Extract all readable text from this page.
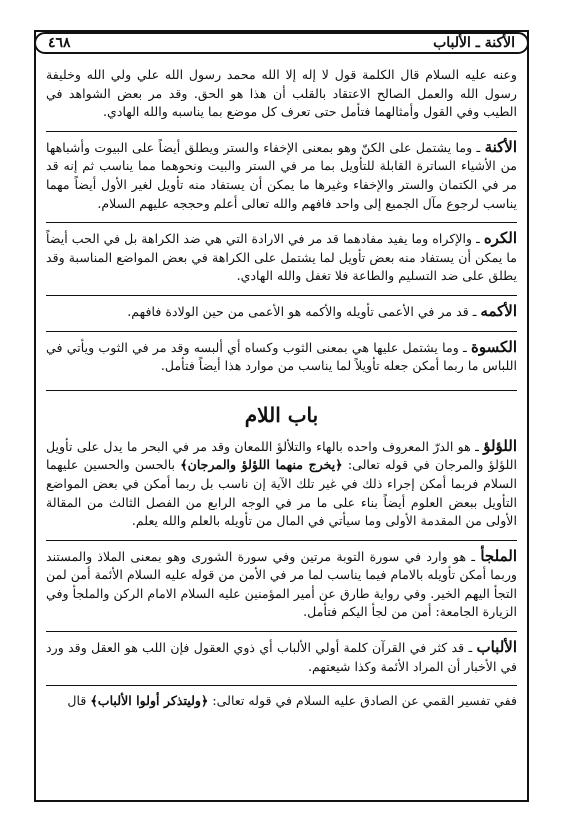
الأكنة ـ الألباب
٤٦٨

وعنه عليه السلام قال الكلمة قول لا إله إلا الله محمد رسول الله علي ولي الله وخليفة رسول الله والعمل الصالح الاعتقاد بالقلب أن هذا هو الحق. وقد مر بعض الشواهد في الطيب وفي القول وأمثالهما فتأمل حتى تعرف كل موضع بما يناسبه والله الهادي.

الأكنة ـ وما يشتمل على الكنّ وهو بمعنى الإخفاء والستر ويطلق أيضاً على البيوت وأشباهها من الأشياء الساترة القابلة للتأويل بما مر في الستر والبيت ونحوهما مما يناسب ثم إنه قد مر في الكتمان والستر والإخفاء وغيرها ما يمكن أن يستفاد منه تأويل لغير الأول أيضاً مهما يناسب لرجوع مآل الجميع إلى واحد فافهم والله تعالى أعلم وحججه عليهم السلام.

الكره ـ والإكراه وما يفيد مفادهما قد مر في الارادة التي هي ضد الكراهة بل في الحب أيضاً ما يمكن أن يستفاد منه بعض تأويل لما يشتمل على الكراهة في بعض المواضع المناسبة وقد يطلق على ضد التسليم والطاعة فلا تغفل والله الهادي.

الأكمه ـ قد مر في الأعمى تأويله والأكمه هو الأعمى من حين الولادة فافهم.

الكسوة ـ وما يشتمل عليها هي بمعنى الثوب وكساه أي ألبسه وقد مر في الثوب ويأتي في اللباس ما ربما أمكن جعله تأويلاً لما يناسب من موارد هذا أيضاً فتأمل.

باب اللام

اللؤلؤ ـ هو الدرّ المعروف واحده بالهاء والتلألؤ اللمعان وقد مر في البحر ما يدل على تأويل اللؤلؤ والمرجان في قوله تعالى: ﴿يخرج منهما اللؤلؤ والمرجان﴾ بالحسن والحسين عليهما السلام فربما أمكن إجراء ذلك في غير تلك الآية إن ناسب بل ربما أمكن في بعض المواضع التأويل ببعض العلوم أيضاً بناء على ما مر في الوجه الرابع من الفصل الثالث من المقالة الأولى من المقدمة الأولى وما سيأتي في المال من تأويله بالعلم والله يعلم.

الملجأ ـ هو وارد في سورة التوبة مرتين وفي سورة الشورى وهو بمعنى الملاذ والمستند وربما أمكن تأويله بالامام فيما يناسب لما مر في الأمن من قوله عليه السلام الأئمة أمن لمن التجأ اليهم الخير. وفي رواية طارق عن أمير المؤمنين عليه السلام الامام الركن والملجأ وفي الزيارة الجامعة: أمن من لجأ اليكم فتأمل.

الألباب ـ قد كثر في القرآن كلمة أولي الألباب أي ذوي العقول فإن اللب هو العقل وقد ورد في الأخبار أن المراد الأئمة وكذا شيعتهم.

ففي تفسير القمي عن الصادق عليه السلام في قوله تعالى: ﴿وليتذكر أولوا الألباب﴾ قال
